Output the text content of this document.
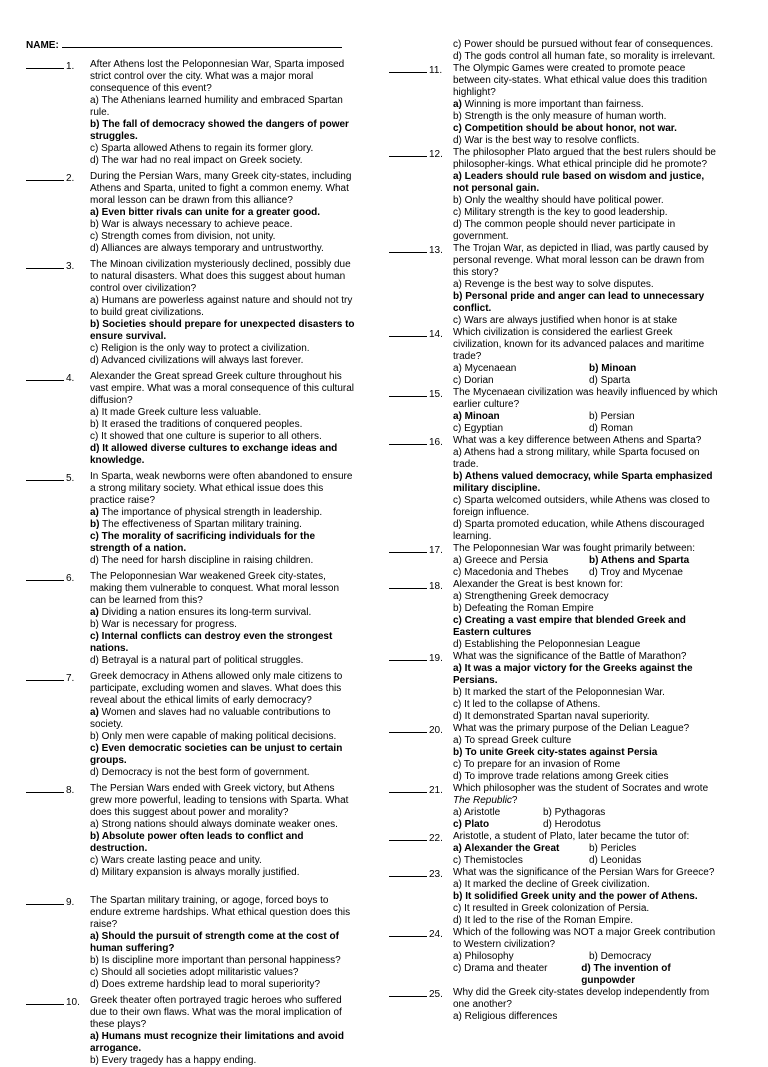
NAME:
1. After Athens lost the Peloponnesian War, Sparta imposed strict control over the city. What was a major moral consequence of this event?
a) The Athenians learned humility and embraced Spartan rule.
b) The fall of democracy showed the dangers of power struggles.
c) Sparta allowed Athens to regain its former glory.
d) The war had no real impact on Greek society.
2. During the Persian Wars, many Greek city-states, including Athens and Sparta, united to fight a common enemy. What moral lesson can be drawn from this alliance?
a) Even bitter rivals can unite for a greater good.
b) War is always necessary to achieve peace.
c) Strength comes from division, not unity.
d) Alliances are always temporary and untrustworthy.
3. The Minoan civilization mysteriously declined, possibly due to natural disasters. What does this suggest about human control over civilization?
a) Humans are powerless against nature and should not try to build great civilizations.
b) Societies should prepare for unexpected disasters to ensure survival.
c) Religion is the only way to protect a civilization.
d) Advanced civilizations will always last forever.
4. Alexander the Great spread Greek culture throughout his vast empire. What was a moral consequence of this cultural diffusion?
a) It made Greek culture less valuable.
b) It erased the traditions of conquered peoples.
c) It showed that one culture is superior to all others.
d) It allowed diverse cultures to exchange ideas and knowledge.
5. In Sparta, weak newborns were often abandoned to ensure a strong military society. What ethical issue does this practice raise?
a) The importance of physical strength in leadership.
b) The effectiveness of Spartan military training.
c) The morality of sacrificing individuals for the strength of a nation.
d) The need for harsh discipline in raising children.
6. The Peloponnesian War weakened Greek city-states, making them vulnerable to conquest. What moral lesson can be learned from this?
a) Dividing a nation ensures its long-term survival.
b) War is necessary for progress.
c) Internal conflicts can destroy even the strongest nations.
d) Betrayal is a natural part of political struggles.
7. Greek democracy in Athens allowed only male citizens to participate, excluding women and slaves. What does this reveal about the ethical limits of early democracy?
a) Women and slaves had no valuable contributions to society.
b) Only men were capable of making political decisions.
c) Even democratic societies can be unjust to certain groups.
d) Democracy is not the best form of government.
8. The Persian Wars ended with Greek victory, but Athens grew more powerful, leading to tensions with Sparta. What does this suggest about power and morality?
a) Strong nations should always dominate weaker ones.
b) Absolute power often leads to conflict and destruction.
c) Wars create lasting peace and unity.
d) Military expansion is always morally justified.
9. The Spartan military training, or agoge, forced boys to endure extreme hardships. What ethical question does this raise?
a) Should the pursuit of strength come at the cost of human suffering?
b) Is discipline more important than personal happiness?
c) Should all societies adopt militaristic values?
d) Does extreme hardship lead to moral superiority?
10. Greek theater often portrayed tragic heroes who suffered due to their own flaws. What was the moral implication of these plays?
a) Humans must recognize their limitations and avoid arrogance.
b) Every tragedy has a happy ending.
c) Power should be pursued without fear of consequences.
d) The gods control all human fate, so morality is irrelevant.
11. The Olympic Games were created to promote peace between city-states. What ethical value does this tradition highlight?
a) Winning is more important than fairness.
b) Strength is the only measure of human worth.
c) Competition should be about honor, not war.
d) War is the best way to resolve conflicts.
12. The philosopher Plato argued that the best rulers should be philosopher-kings. What ethical principle did he promote?
a) Leaders should rule based on wisdom and justice, not personal gain.
b) Only the wealthy should have political power.
c) Military strength is the key to good leadership.
d) The common people should never participate in government.
13. The Trojan War, as depicted in Iliad, was partly caused by personal revenge. What moral lesson can be drawn from this story?
a) Revenge is the best way to solve disputes.
b) Personal pride and anger can lead to unnecessary conflict.
c) Wars are always justified when honor is at stake
14. Which civilization is considered the earliest Greek civilization, known for its advanced palaces and maritime trade?
a) Mycenaean	b) Minoan
c) Dorian	d) Sparta
15. The Mycenaean civilization was heavily influenced by which earlier culture?
a) Minoan	b) Persian
c) Egyptian	d) Roman
16. What was a key difference between Athens and Sparta?
a) Athens had a strong military, while Sparta focused on trade.
b) Athens valued democracy, while Sparta emphasized military discipline.
c) Sparta welcomed outsiders, while Athens was closed to foreign influence.
d) Sparta promoted education, while Athens discouraged learning.
17. The Peloponnesian War was fought primarily between:
a) Greece and Persia	b) Athens and Sparta
c) Macedonia and Thebes	d) Troy and Mycenae
18. Alexander the Great is best known for:
a) Strengthening Greek democracy
b) Defeating the Roman Empire
c) Creating a vast empire that blended Greek and Eastern cultures
d) Establishing the Peloponnesian League
19. What was the significance of the Battle of Marathon?
a) It was a major victory for the Greeks against the Persians.
b) It marked the start of the Peloponnesian War.
c) It led to the collapse of Athens.
d) It demonstrated Spartan naval superiority.
20. What was the primary purpose of the Delian League?
a) To spread Greek culture
b) To unite Greek city-states against Persia
c) To prepare for an invasion of Rome
d) To improve trade relations among Greek cities
21. Which philosopher was the student of Socrates and wrote The Republic?
a) Aristotle	b) Pythagoras
c) Plato	d) Herodotus
22. Aristotle, a student of Plato, later became the tutor of:
a) Alexander the Great	b) Pericles
c) Themistocles	d) Leonidas
23. What was the significance of the Persian Wars for Greece?
a) It marked the decline of Greek civilization.
b) It solidified Greek unity and the power of Athens.
c) It resulted in Greek colonization of Persia.
d) It led to the rise of the Roman Empire.
24. Which of the following was NOT a major Greek contribution to Western civilization?
a) Philosophy	b) Democracy
c) Drama and theater	d) The invention of gunpowder
25. Why did the Greek city-states develop independently from one another?
a) Religious differences
